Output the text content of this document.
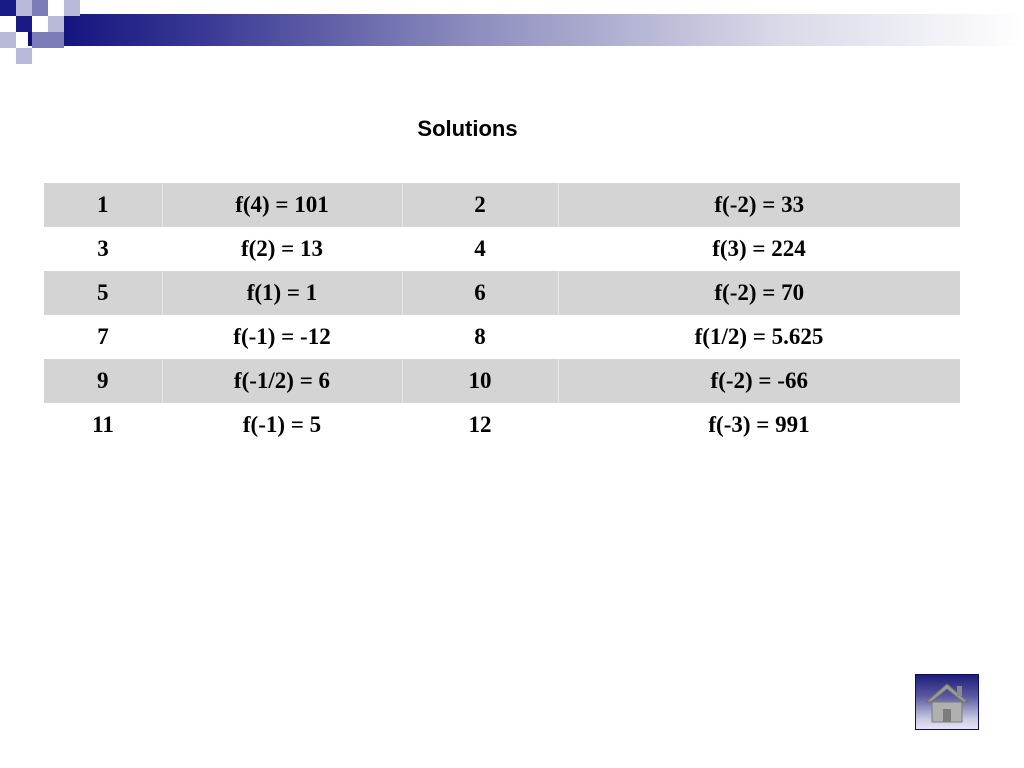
Solutions
1	f(4) = 101	2	f(-2) = 33
3	f(2) = 13	4	f(3) = 224
5	f(1) = 1	6	f(-2) = 70
7	f(-1) = -12	8	f(1/2) = 5.625
9	f(-1/2) = 6	10	f(-2) = -66
11	f(-1) = 5	12	f(-3) = 991
